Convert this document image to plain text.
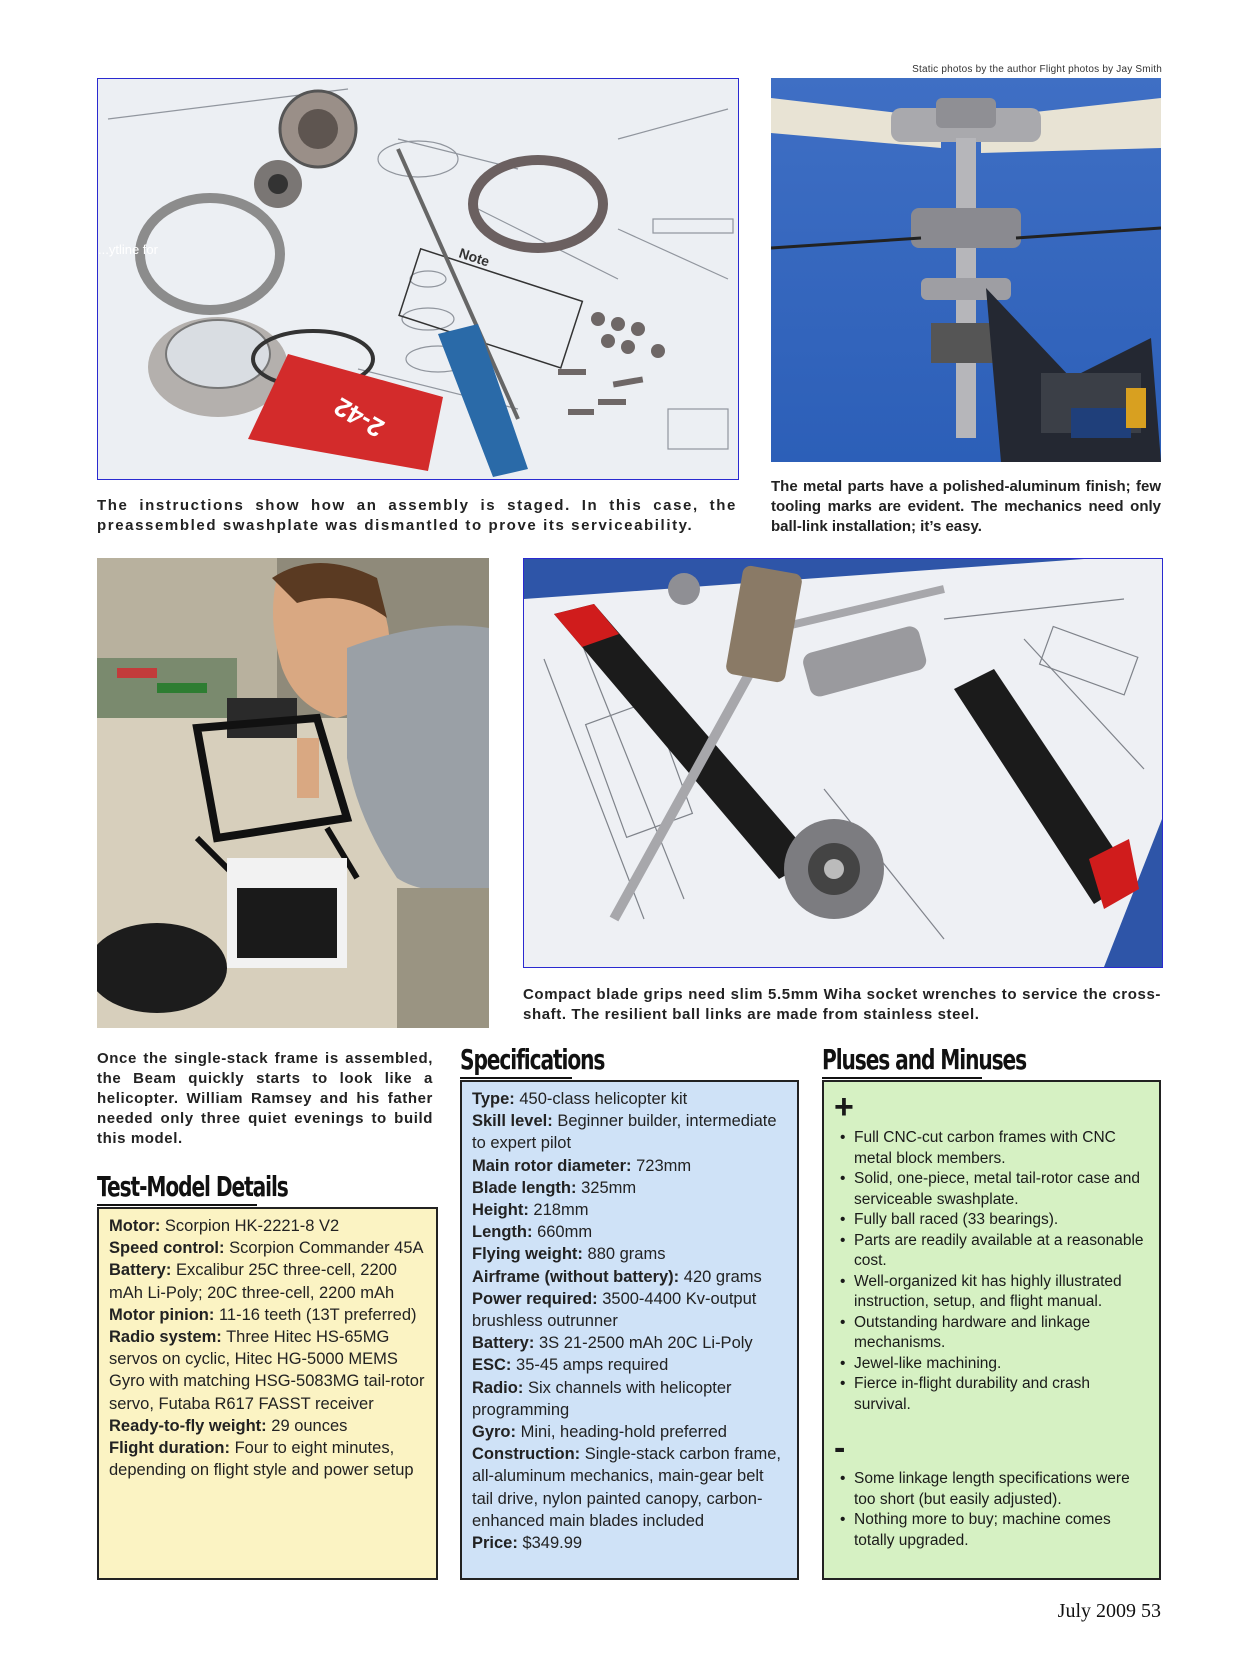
Static photos by the author Flight photos by Jay Smith
Note
2-42
...ytline for
The instructions show how an assembly is staged. In this case, the preassembled swashplate was dismantled to prove its serviceability.
The metal parts have a polished-aluminum finish; few tooling marks are evident. The mechanics need only ball-link installation; it’s easy.
Compact blade grips need slim 5.5mm Wiha socket wrenches to service the cross-shaft. The resilient ball links are made from stainless steel.
Once the single-stack frame is assembled, the Beam quickly starts to look like a helicopter. William Ramsey and his father needed only three quiet evenings to build this model.
Specifications
Type: 450-class helicopter kit
Skill level: Beginner builder, intermediate to expert pilot
Main rotor diameter: 723mm
Blade length: 325mm
Height: 218mm
Length: 660mm
Flying weight: 880 grams
Airframe (without battery): 420 grams
Power required: 3500-4400 Kv-output brushless outrunner
Battery: 3S 21-2500 mAh 20C Li-Poly
ESC: 35-45 amps required
Radio: Six channels with helicopter programming
Gyro: Mini, heading-hold preferred
Construction: Single-stack carbon frame, all-aluminum mechanics, main-gear belt tail drive, nylon painted canopy, carbon-enhanced main blades included
Price: $349.99
Test-Model Details
Motor: Scorpion HK-2221-8 V2
Speed control: Scorpion Commander 45A
Battery: Excalibur 25C three-cell, 2200 mAh Li-Poly; 20C three-cell, 2200 mAh
Motor pinion: 11-16 teeth (13T preferred)
Radio system: Three Hitec HS-65MG servos on cyclic, Hitec HG-5000 MEMS Gyro with matching HSG-5083MG tail-rotor servo, Futaba R617 FASST receiver
Ready-to-fly weight: 29 ounces
Flight duration: Four to eight minutes, depending on flight style and power setup
Pluses and Minuses
+
• Full CNC-cut carbon frames with CNC metal block members.
• Solid, one-piece, metal tail-rotor case and serviceable swashplate.
• Fully ball raced (33 bearings).
• Parts are readily available at a reasonable cost.
• Well-organized kit has highly illustrated instruction, setup, and flight manual.
• Outstanding hardware and linkage mechanisms.
• Jewel-like machining.
• Fierce in-flight durability and crash survival.
-
• Some linkage length specifications were too short (but easily adjusted).
• Nothing more to buy; machine comes totally upgraded.
July 2009 53
